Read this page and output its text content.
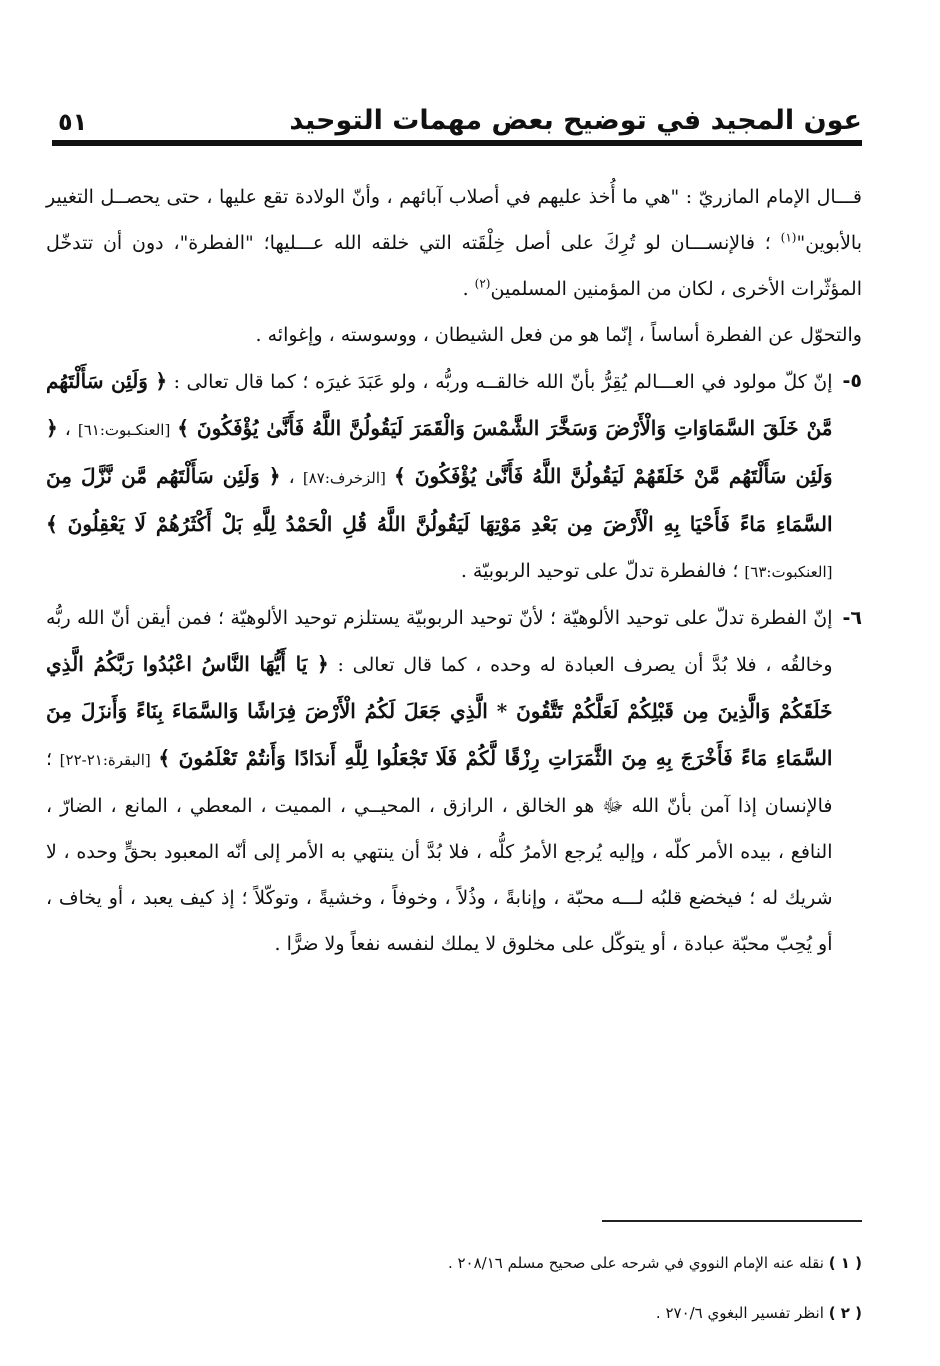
٥١	عون المجيد في توضيح بعض مهمات التوحيد

قـــال الإمام المازريّ : "هي ما أُخذ عليهم في أصلاب آبائهم ، وأنّ الولادة تقع عليها ، حتى يحصــل التغيير بالأبوين"$^{(١)}$ ؛ فالإنســـان لو تُرِكَ على أصل خِلْقَته التي خلقه الله عـــليها؛ "الفطرة"، دون أن تتدخّل المؤثّرات الأخرى ، لكان من المؤمنين المسلمين$^{(٢)}$ .

والتحوّل عن الفطرة أساساً ، إنّما هو من فعل الشيطان ، ووسوسته ، وإغوائه .

٥-
إنّ كلّ مولود في العـــالم يُقِرُّ بأنّ الله خالقــه وربُّه ، ولو عَبَدَ غيرَه ؛ كما قال تعالى : ﴿ وَلَئِن سَأَلْتَهُم مَّنْ خَلَقَ السَّمَاوَاتِ وَالْأَرْضَ وَسَخَّرَ الشَّمْسَ وَالْقَمَرَ لَيَقُولُنَّ اللَّهُ فَأَنَّىٰ يُؤْفَكُونَ ﴾ [العنكـبوت:٦١] ، ﴿ وَلَئِن سَأَلْتَهُم مَّنْ خَلَقَهُمْ لَيَقُولُنَّ اللَّهُ فَأَنَّىٰ يُؤْفَكُونَ ﴾ [الزخرف:٨٧] ، ﴿ وَلَئِن سَأَلْتَهُم مَّن نَّزَّلَ مِنَ السَّمَاءِ مَاءً فَأَحْيَا بِهِ الْأَرْضَ مِن بَعْدِ مَوْتِهَا لَيَقُولُنَّ اللَّهُ قُلِ الْحَمْدُ لِلَّهِ بَلْ أَكْثَرُهُمْ لَا يَعْقِلُونَ ﴾ [العنكبوت:٦٣] ؛ فالفطرة تدلّ على توحيد الربوبيّة .
٦-
إنّ الفطرة تدلّ على توحيد الألوهيّة ؛ لأنّ توحيد الربوبيّة يستلزم توحيد الألوهيّة ؛ فمن أيقن أنّ الله ربُّه وخالقُه ، فلا بُدَّ أن يصرف العبادة له وحده ، كما قال تعالى : ﴿ يَا أَيُّهَا النَّاسُ اعْبُدُوا رَبَّكُمُ الَّذِي خَلَقَكُمْ وَالَّذِينَ مِن قَبْلِكُمْ لَعَلَّكُمْ تَتَّقُونَ * الَّذِي جَعَلَ لَكُمُ الْأَرْضَ فِرَاشًا وَالسَّمَاءَ بِنَاءً وَأَنزَلَ مِنَ السَّمَاءِ مَاءً فَأَخْرَجَ بِهِ مِنَ الثَّمَرَاتِ رِزْقًا لَّكُمْ فَلَا تَجْعَلُوا لِلَّهِ أَندَادًا وَأَنتُمْ تَعْلَمُونَ ﴾ [البقرة:٢١-٢٢] ؛ فالإنسان إذا آمن بأنّ الله ﷻ هو الخالق ، الرازق ، المحيــي ، المميت ، المعطي ، المانع ، الضارّ ، النافع ، بيده الأمر كلّه ، وإليه يُرجع الأمرُ كلُّه ، فلا بُدَّ أن ينتهي به الأمر إلى أنّه المعبود بحقٍّ وحده ، لا شريك له ؛ فيخضع قلبُه لـــه محبّة ، وإنابةً ، وذُلاً ، وخوفاً ، وخشيةً ، وتوكّلاً ؛ إذ كيف يعبد ، أو يخاف ، أو يُحِبّ محبّة عبادة ، أو يتوكّل على مخلوق لا يملك لنفسه نفعاً ولا ضرًّا .
( ١ ) نقله عنه الإمام النووي في شرحه على صحيح مسلم ٢٠٨/١٦ .
( ٢ ) انظر تفسير البغوي ٢٧٠/٦ .
